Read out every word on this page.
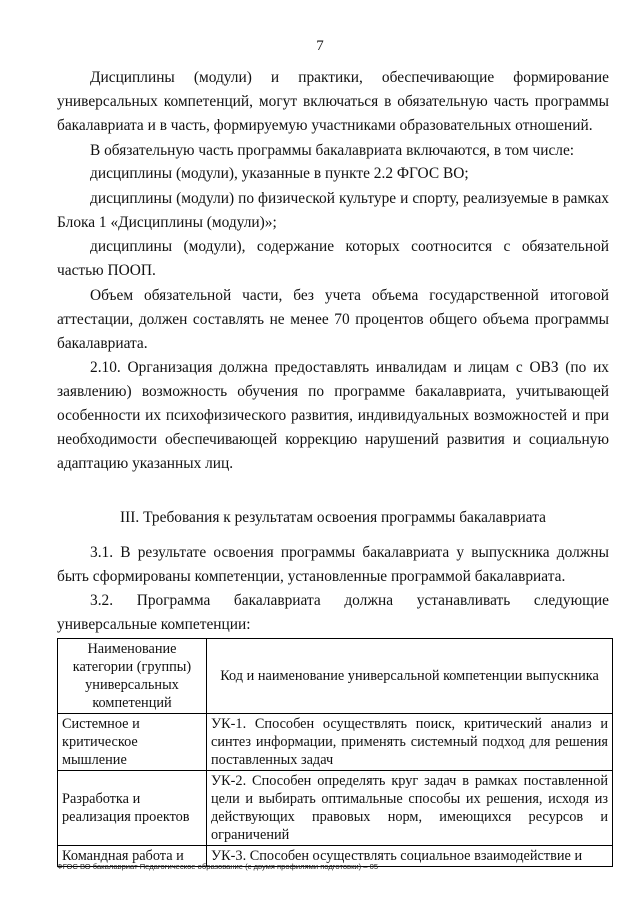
7
Дисциплины (модули) и практики, обеспечивающие формирование универсальных компетенций, могут включаться в обязательную часть программы бакалавриата и в часть, формируемую участниками образовательных отношений.
В обязательную часть программы бакалавриата включаются, в том числе:
дисциплины (модули), указанные в пункте 2.2 ФГОС ВО;
дисциплины (модули) по физической культуре и спорту, реализуемые в рамках Блока 1 «Дисциплины (модули)»;
дисциплины (модули), содержание которых соотносится с обязательной частью ПООП.
Объем обязательной части, без учета объема государственной итоговой аттестации, должен составлять не менее 70 процентов общего объема программы бакалавриата.
2.10. Организация должна предоставлять инвалидам и лицам с ОВЗ (по их заявлению) возможность обучения по программе бакалавриата, учитывающей особенности их психофизического развития, индивидуальных возможностей и при необходимости обеспечивающей коррекцию нарушений развития и социальную адаптацию указанных лиц.
III. Требования к результатам освоения программы бакалавриата
3.1. В результате освоения программы бакалавриата у выпускника должны быть сформированы компетенции, установленные программой бакалавриата.
3.2. Программа бакалавриата должна устанавливать следующие универсальные компетенции:
Наименование категории (группы) универсальных компетенций	Код и наименование универсальной компетенции выпускника
Системное и критическое мышление	УК-1. Способен осуществлять поиск, критический анализ и синтез информации, применять системный подход для решения поставленных задач
Разработка и реализация проектов	УК-2. Способен определять круг задач в рамках поставленной цели и выбирать оптимальные способы их решения, исходя из действующих правовых норм, имеющихся ресурсов и ограничений
Командная работа и	УК-3. Способен осуществлять социальное взаимодействие и
ФГОС ВО бакалавриат Педагогическое образование (с двумя профилями подготовки) – 05
